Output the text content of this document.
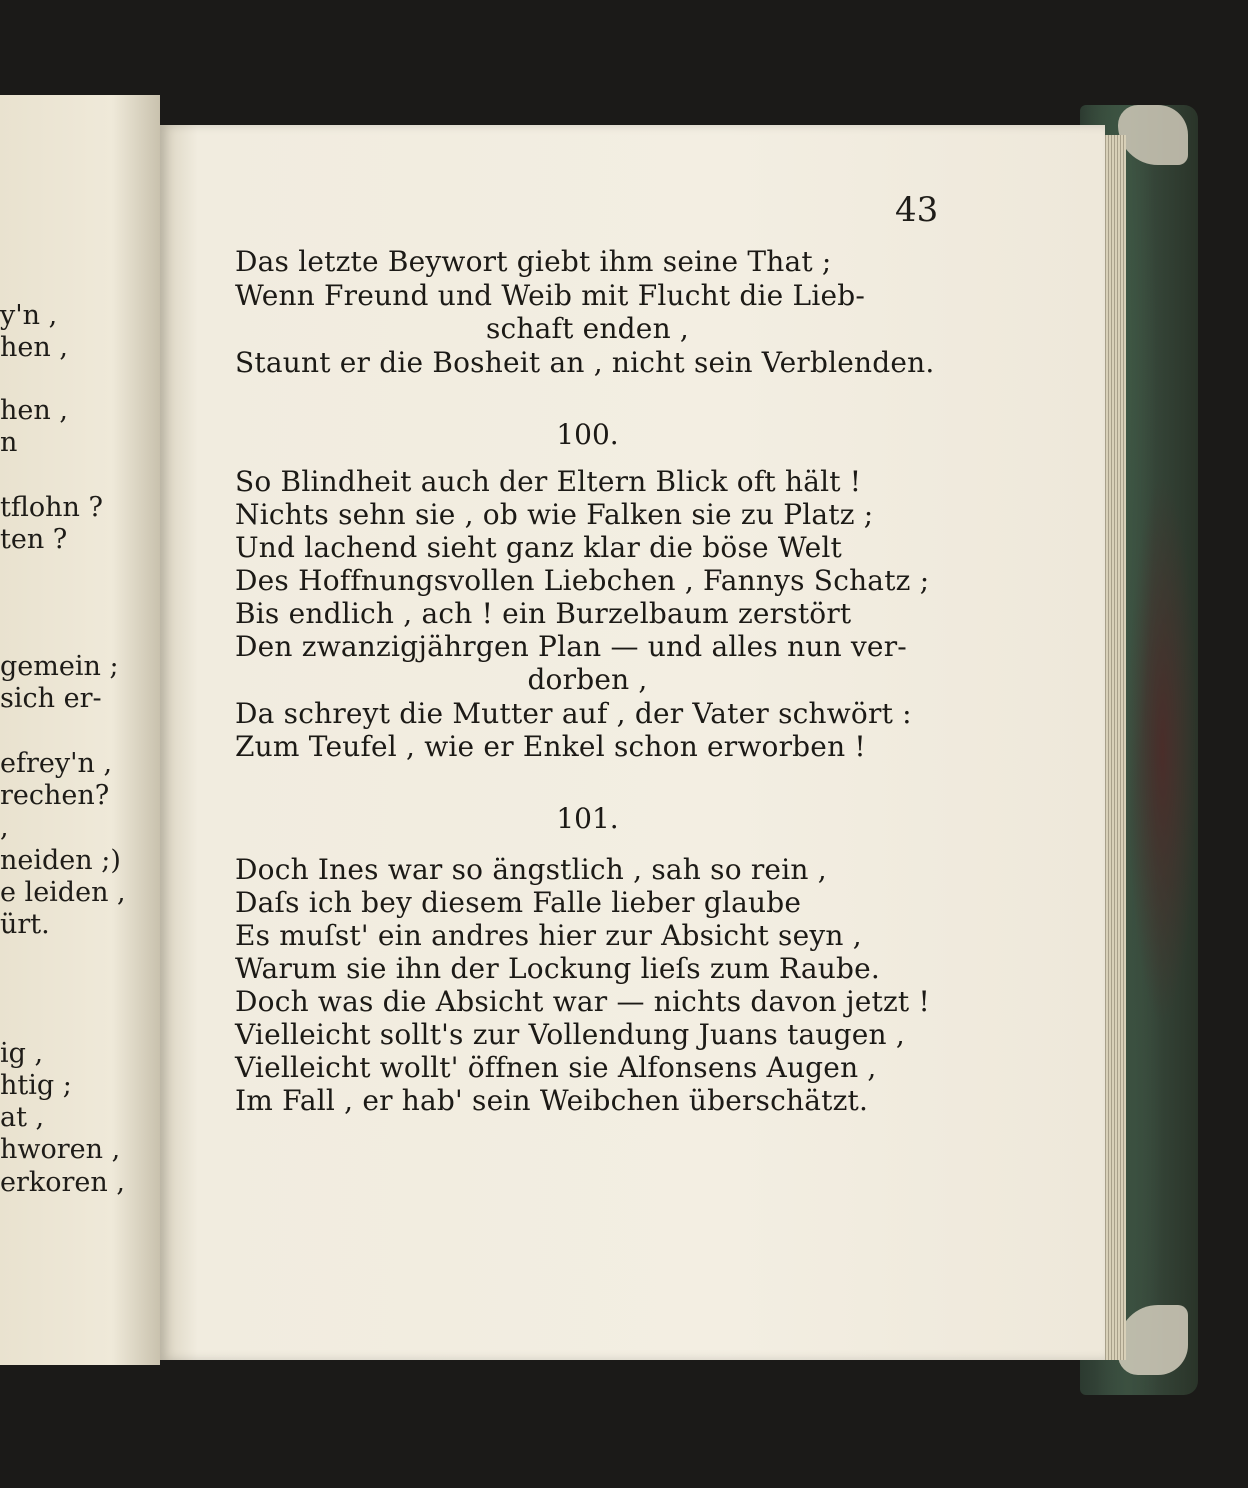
y'n ,
hen ,
hen ,
n
tflohn ?
ten ?
gemein ;
sich er-
efrey'n ,
rechen?
,
neiden ;)
e leiden ,
ürt.
ig ,
htig ;
at ,
hworen ,
erkoren ,
43
Das letzte Beywort giebt ihm seine That ;
Wenn Freund und Weib mit Flucht die Lieb-
schaft enden ,
Staunt er die Bosheit an , nicht sein Verblenden.
100.
So Blindheit auch der Eltern Blick oft hält !
Nichts sehn sie , ob wie Falken sie zu Platz ;
Und lachend sieht ganz klar die böse Welt
Des Hoffnungsvollen Liebchen , Fannys Schatz ;
Bis endlich , ach ! ein Burzelbaum zerstört
Den zwanzigjährgen Plan — und alles nun ver-
dorben ,
Da schreyt die Mutter auf , der Vater schwört :
Zum Teufel , wie er Enkel schon erworben !
101.
Doch Ines war so ängstlich , sah so rein ,
Daſs ich bey diesem Falle lieber glaube
Es muſst' ein andres hier zur Absicht seyn ,
Warum sie ihn der Lockung lieſs zum Raube.
Doch was die Absicht war — nichts davon jetzt !
Vielleicht sollt's zur Vollendung Juans taugen ,
Vielleicht wollt' öffnen sie Alfonsens Augen ,
Im Fall , er hab' sein Weibchen überschätzt.
